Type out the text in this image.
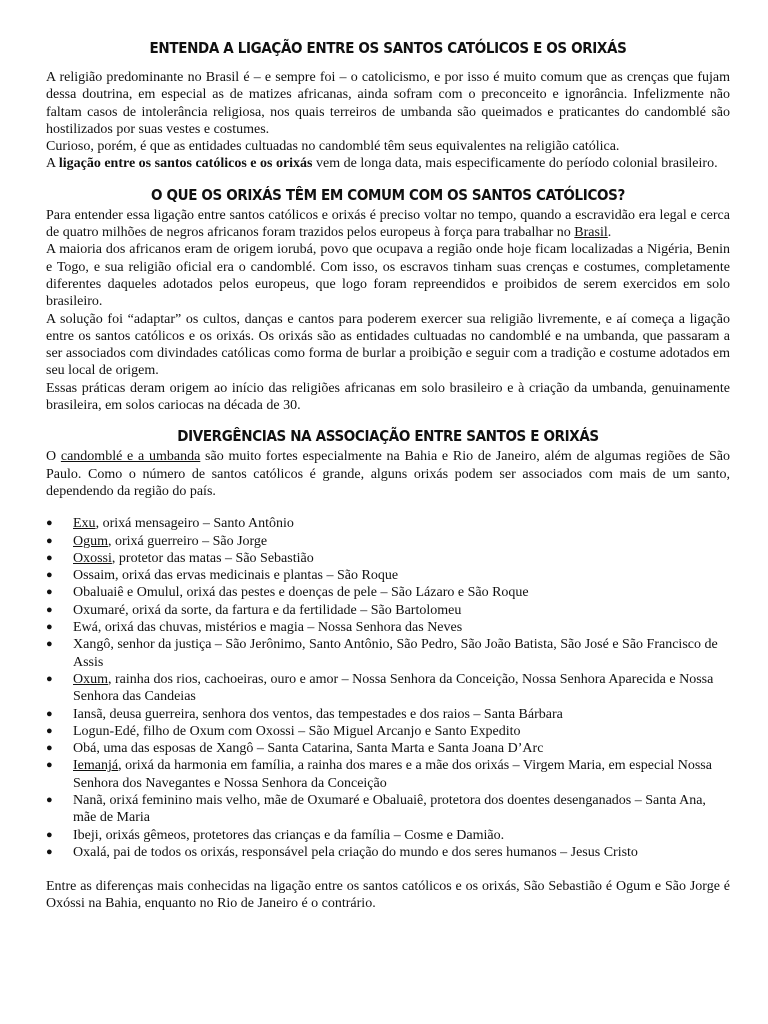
ENTENDA A LIGAÇÃO ENTRE OS SANTOS CATÓLICOS E OS ORIXÁS

A religião predominante no Brasil é – e sempre foi – o catolicismo, e por isso é muito comum que as crenças que fujam dessa doutrina, em especial as de matizes africanas, ainda sofram com o preconceito e ignorância. Infelizmente não faltam casos de intolerância religiosa, nos quais terreiros de umbanda são queimados e praticantes do candomblé são hostilizados por suas vestes e costumes.

Curioso, porém, é que as entidades cultuadas no candomblé têm seus equivalentes na religião católica.

A ligação entre os santos católicos e os orixás vem de longa data, mais especificamente do período colonial brasileiro.

O QUE OS ORIXÁS TÊM EM COMUM COM OS SANTOS CATÓLICOS?

Para entender essa ligação entre santos católicos e orixás é preciso voltar no tempo, quando a escravidão era legal e cerca de quatro milhões de negros africanos foram trazidos pelos europeus à força para trabalhar no Brasil.

A maioria dos africanos eram de origem iorubá, povo que ocupava a região onde hoje ficam localizadas a Nigéria, Benin e Togo, e sua religião oficial era o candomblé. Com isso, os escravos tinham suas crenças e costumes, completamente diferentes daqueles adotados pelos europeus, que logo foram repreendidos e proibidos de serem exercidos em solo brasileiro.

A solução foi “adaptar” os cultos, danças e cantos para poderem exercer sua religião livremente, e aí começa a ligação entre os santos católicos e os orixás. Os orixás são as entidades cultuadas no candomblé e na umbanda, que passaram a ser associados com divindades católicas como forma de burlar a proibição e seguir com a tradição e costume adotados em seu local de origem.

Essas práticas deram origem ao início das religiões africanas em solo brasileiro e à criação da umbanda, genuinamente brasileira, em solos cariocas na década de 30.

DIVERGÊNCIAS NA ASSOCIAÇÃO ENTRE SANTOS E ORIXÁS

O candomblé e a umbanda são muito fortes especialmente na Bahia e Rio de Janeiro, além de algumas regiões de São Paulo. Como o número de santos católicos é grande, alguns orixás podem ser associados com mais de um santo, dependendo da região do país.

● Exu, orixá mensageiro – Santo Antônio
● Ogum, orixá guerreiro – São Jorge
● Oxossi, protetor das matas – São Sebastião
● Ossaim, orixá das ervas medicinais e plantas – São Roque
● Obaluaiê e Omulul, orixá das pestes e doenças de pele – São Lázaro e São Roque
● Oxumaré, orixá da sorte, da fartura e da fertilidade – São Bartolomeu
● Ewá, orixá das chuvas, mistérios e magia – Nossa Senhora das Neves
● Xangô, senhor da justiça – São Jerônimo, Santo Antônio, São Pedro, São João Batista, São José e São Francisco de Assis
● Oxum, rainha dos rios, cachoeiras, ouro e amor – Nossa Senhora da Conceição, Nossa Senhora Aparecida e Nossa Senhora das Candeias
● Iansã, deusa guerreira, senhora dos ventos, das tempestades e dos raios – Santa Bárbara
● Logun-Edé, filho de Oxum com Oxossi – São Miguel Arcanjo e Santo Expedito
● Obá, uma das esposas de Xangô – Santa Catarina, Santa Marta e Santa Joana D’Arc
● Iemanjá, orixá da harmonia em família, a rainha dos mares e a mãe dos orixás – Virgem Maria, em especial Nossa Senhora dos Navegantes e Nossa Senhora da Conceição
● Nanã, orixá feminino mais velho, mãe de Oxumaré e Obaluaiê, protetora dos doentes desenganados – Santa Ana, mãe de Maria
● Ibeji, orixás gêmeos, protetores das crianças e da família – Cosme e Damião.
● Oxalá, pai de todos os orixás, responsável pela criação do mundo e dos seres humanos – Jesus Cristo

Entre as diferenças mais conhecidas na ligação entre os santos católicos e os orixás, São Sebastião é Ogum e São Jorge é Oxóssi na Bahia, enquanto no Rio de Janeiro é o contrário.
